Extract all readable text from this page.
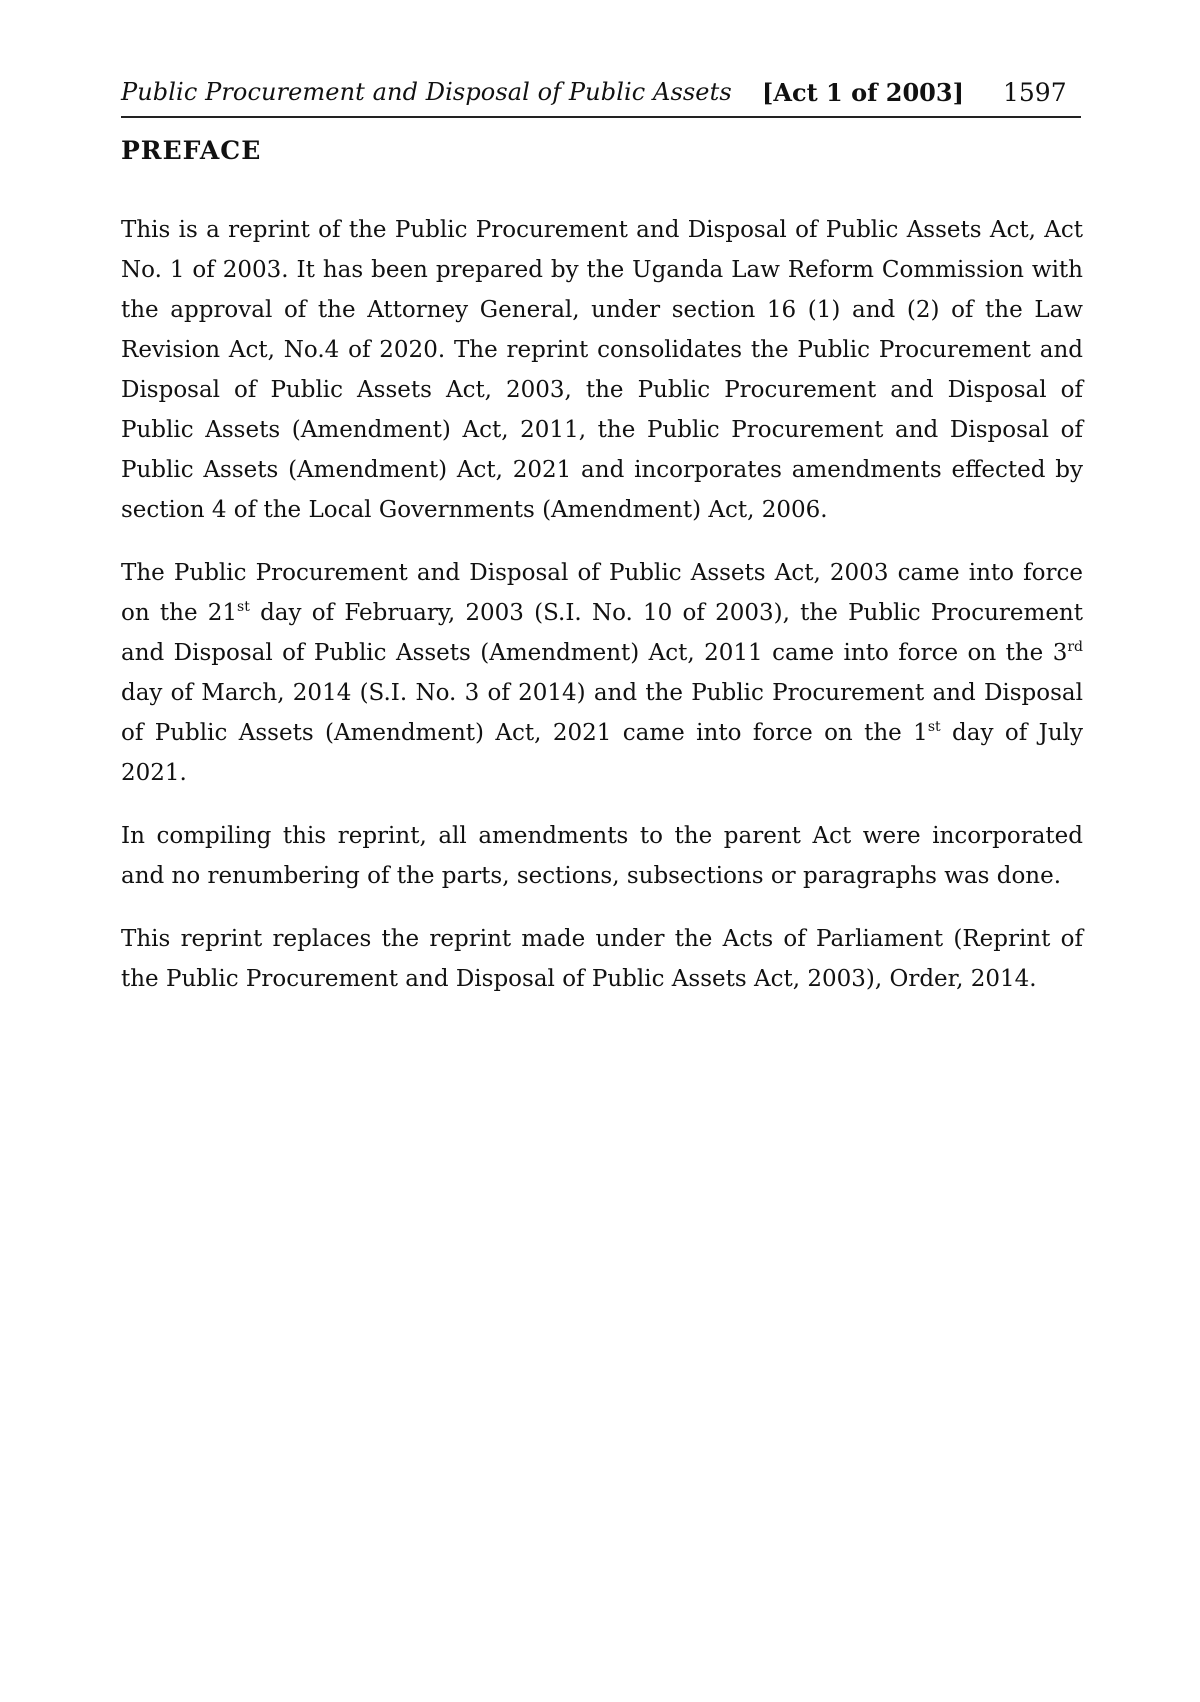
Public Procurement and Disposal of Public Assets [Act 1 of 2003] 1597
PREFACE

This is a reprint of the Public Procurement and Disposal of Public Assets Act, Act No. 1 of 2003. It has been prepared by the Uganda Law Reform Commission with the approval of the Attorney General, under section 16 (1) and (2) of the Law Revision Act, No.4 of 2020. The reprint consolidates the Public Procurement and Disposal of Public Assets Act, 2003, the Public Procurement and Disposal of Public Assets (Amendment) Act, 2011, the Public Procurement and Disposal of Public Assets (Amendment) Act, 2021 and incorporates amendments effected by section 4 of the Local Governments (Amendment) Act, 2006.

The Public Procurement and Disposal of Public Assets Act, 2003 came into force on the 21st day of February, 2003 (S.I. No. 10 of 2003), the Public Procurement and Disposal of Public Assets (Amendment) Act, 2011 came into force on the 3rd day of March, 2014 (S.I. No. 3 of 2014) and the Public Procurement and Disposal of Public Assets (Amendment) Act, 2021 came into force on the 1st day of July 2021.

In compiling this reprint, all amendments to the parent Act were incorporated and no renumbering of the parts, sections, subsections or paragraphs was done.

This reprint replaces the reprint made under the Acts of Parliament (Reprint of the Public Procurement and Disposal of Public Assets Act, 2003), Order, 2014.
